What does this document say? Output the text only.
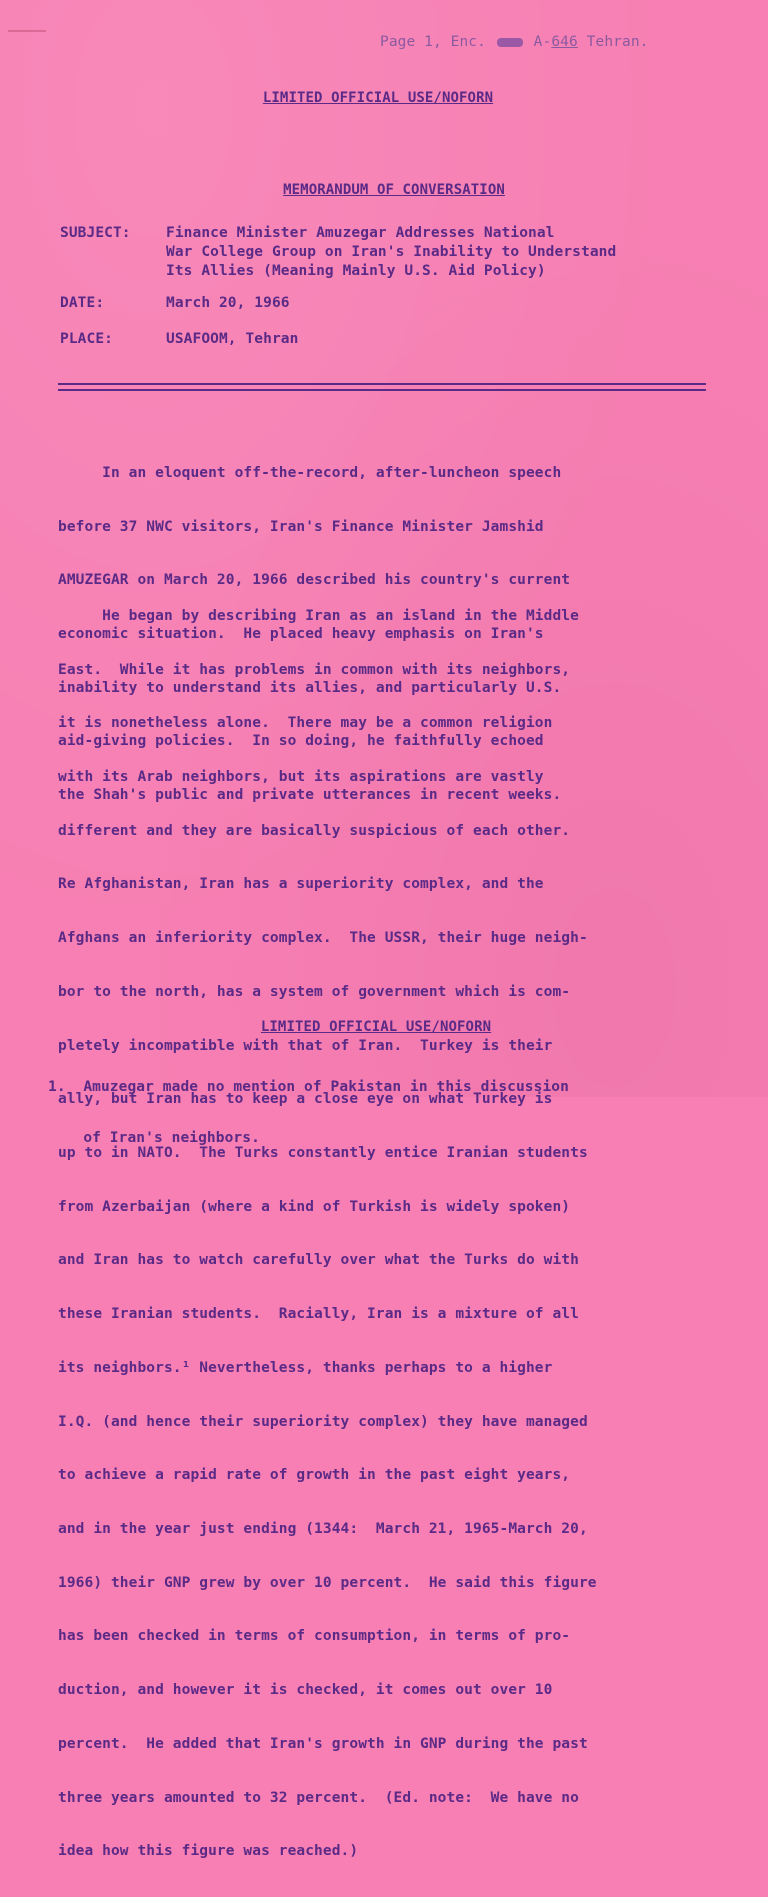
Page 1, Enc.	A-646 Tehran.
LIMITED OFFICIAL USE/NOFORN
MEMORANDUM OF CONVERSATION
SUBJECT: Finance Minister Amuzegar Addresses National
War College Group on Iran's Inability to Understand
Its Allies (Meaning Mainly U.S. Aid Policy)
DATE:	March 20, 1966
PLACE:	USAFOOM, Tehran

In an eloquent off-the-record, after-luncheon speech

before 37 NWC visitors, Iran's Finance Minister Jamshid

AMUZEGAR on March 20, 1966 described his country's current

economic situation.  He placed heavy emphasis on Iran's

inability to understand its allies, and particularly U.S.

aid-giving policies.  In so doing, he faithfully echoed

the Shah's public and private utterances in recent weeks.

He began by describing Iran as an island in the Middle

East.  While it has problems in common with its neighbors,

it is nonetheless alone.  There may be a common religion

with its Arab neighbors, but its aspirations are vastly

different and they are basically suspicious of each other.

Re Afghanistan, Iran has a superiority complex, and the

Afghans an inferiority complex.  The USSR, their huge neigh-

bor to the north, has a system of government which is com-

pletely incompatible with that of Iran.  Turkey is their

ally, but Iran has to keep a close eye on what Turkey is

up to in NATO.  The Turks constantly entice Iranian students

from Azerbaijan (where a kind of Turkish is widely spoken)

and Iran has to watch carefully over what the Turks do with

these Iranian students.  Racially, Iran is a mixture of all

its neighbors.¹ Nevertheless, thanks perhaps to a higher

I.Q. (and hence their superiority complex) they have managed

to achieve a rapid rate of growth in the past eight years,

and in the year just ending (1344:  March 21, 1965-March 20,

1966) their GNP grew by over 10 percent.  He said this figure

has been checked in terms of consumption, in terms of pro-

duction, and however it is checked, it comes out over 10

percent.  He added that Iran's growth in GNP during the past

three years amounted to 32 percent.  (Ed. note:  We have no

idea how this figure was reached.)

LIMITED OFFICIAL USE/NOFORN

1.  Amuzegar made no mention of Pakistan in this discussion

of Iran's neighbors.
